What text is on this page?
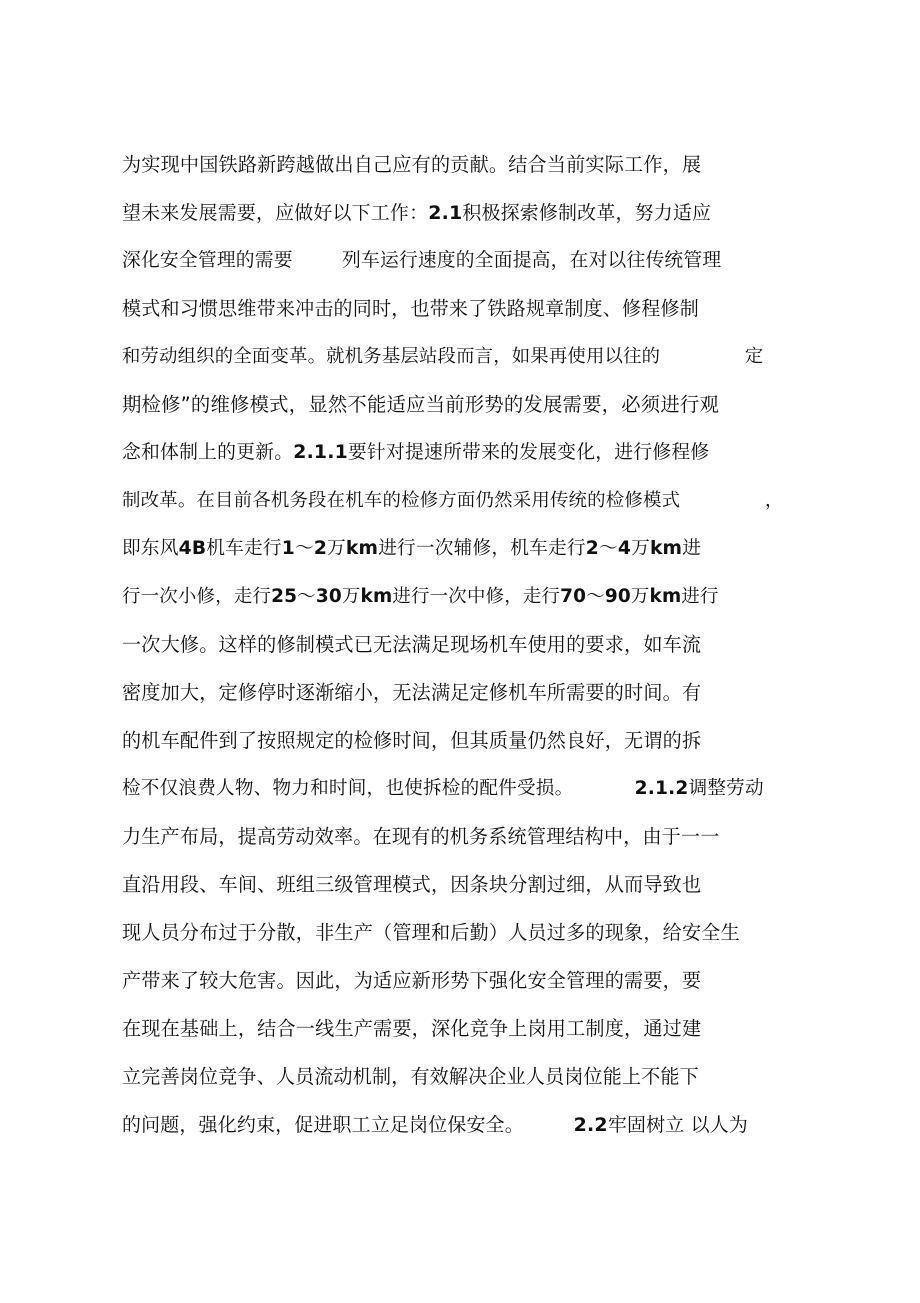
为实现中国铁路新跨越做出自己应有的贡献。结合当前实际工作，展
望未来发展需要，应做好以下工作：2.1积极探索修制改革，努力适应
深化安全管理的需要        列车运行速度的全面提高，在对以往传统管理
模式和习惯思维带来冲击的同时，也带来了铁路规章制度、修程修制
和劳动组织的全面变革。就机务基层站段而言，如果再使用以往的              定
期检修”的维修模式，显然不能适应当前形势的发展需要，必须进行观
念和体制上的更新。2.1.1要针对提速所带来的发展变化，进行修程修
制改革。在目前各机务段在机车的检修方面仍然采用传统的检修模式              ，
即东风4B机车走行1〜2万km进行一次辅修，机车走行2〜4万km进
行一次小修，走行25〜30万km进行一次中修，走行70〜90万km进行
一次大修。这样的修制模式已无法满足现场机车使用的要求，如车流
密度加大，定修停时逐渐缩小，无法满足定修机车所需要的时间。有
的机车配件到了按照规定的检修时间，但其质量仍然良好，无谓的拆
检不仅浪费人物、物力和时间，也使拆检的配件受损。          2.1.2调整劳动
力生产布局，提高劳动效率。在现有的机务系统管理结构中，由于一一
直沿用段、车间、班组三级管理模式，因条块分割过细，从而导致也
现人员分布过于分散，非生产（管理和后勤）人员过多的现象，给安全生
产带来了较大危害。因此，为适应新形势下强化安全管理的需要，要
在现在基础上，结合一线生产需要，深化竞争上岗用工制度，通过建
立完善岗位竞争、人员流动机制，有效解决企业人员岗位能上不能下
的问题，强化约束，促进职工立足岗位保安全。        2.2牢固树立 以人为
